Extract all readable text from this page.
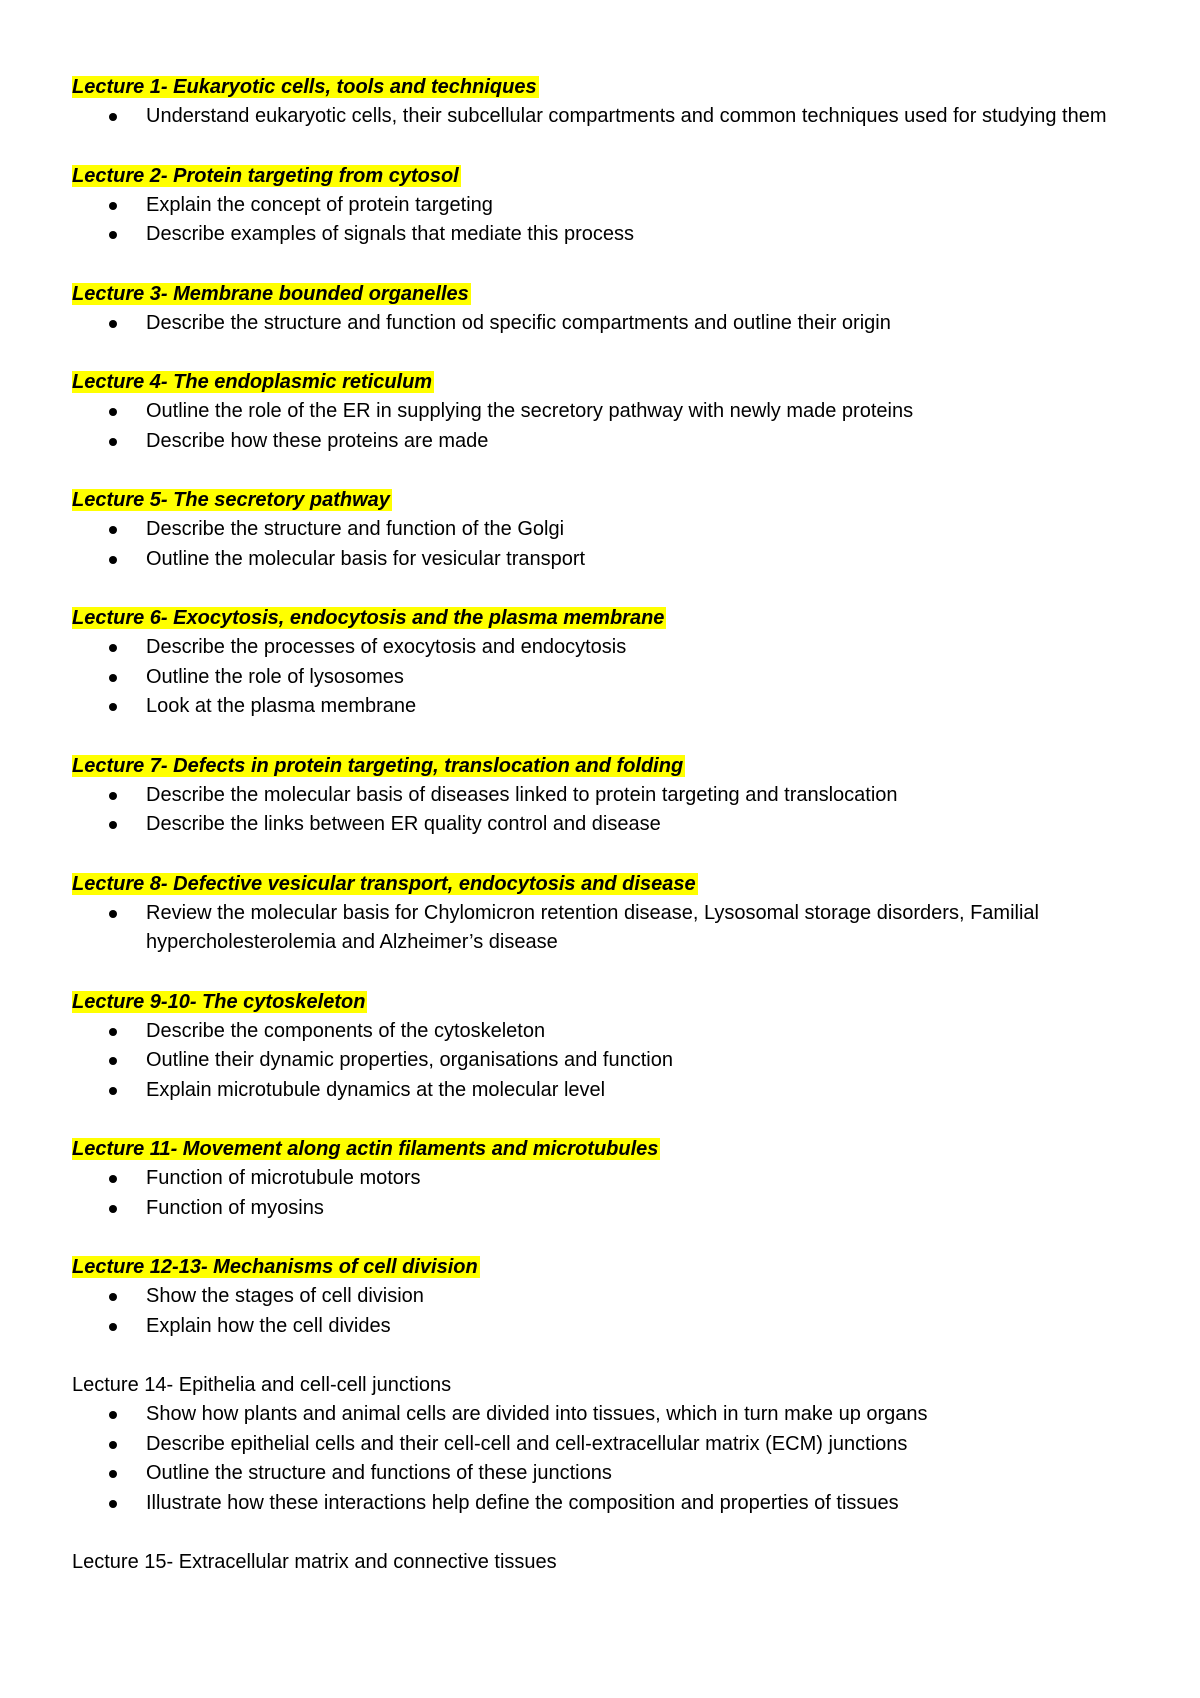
Lecture 1- Eukaryotic cells, tools and techniques
Understand eukaryotic cells, their subcellular compartments and common techniques used for studying them
Lecture 2- Protein targeting from cytosol
Explain the concept of protein targeting
Describe examples of signals that mediate this process
Lecture 3- Membrane bounded organelles
Describe the structure and function od specific compartments and outline their origin
Lecture 4- The endoplasmic reticulum
Outline the role of the ER in supplying the secretory pathway with newly made proteins
Describe how these proteins are made
Lecture 5- The secretory pathway
Describe the structure and function of the Golgi
Outline the molecular basis for vesicular transport
Lecture 6- Exocytosis, endocytosis and the plasma membrane
Describe the processes of exocytosis and endocytosis
Outline the role of lysosomes
Look at the plasma membrane
Lecture 7- Defects in protein targeting, translocation and folding
Describe the molecular basis of diseases linked to protein targeting and translocation
Describe the links between ER quality control and disease
Lecture 8- Defective vesicular transport, endocytosis and disease
Review the molecular basis for Chylomicron retention disease, Lysosomal storage disorders, Familial hypercholesterolemia and Alzheimer’s disease
Lecture 9-10- The cytoskeleton
Describe the components of the cytoskeleton
Outline their dynamic properties, organisations and function
Explain microtubule dynamics at the molecular level
Lecture 11- Movement along actin filaments and microtubules
Function of microtubule motors
Function of myosins
Lecture 12-13- Mechanisms of cell division
Show the stages of cell division
Explain how the cell divides
Lecture 14- Epithelia and cell-cell junctions
Show how plants and animal cells are divided into tissues, which in turn make up organs
Describe epithelial cells and their cell-cell and cell-extracellular matrix (ECM) junctions
Outline the structure and functions of these junctions
Illustrate how these interactions help define the composition and properties of tissues
Lecture 15- Extracellular matrix and connective tissues
